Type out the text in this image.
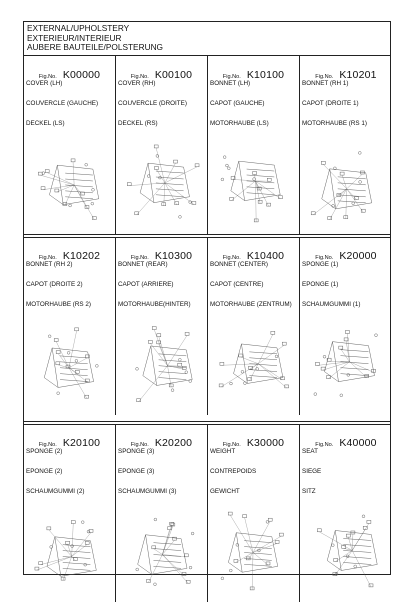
EXTERNAL/UPHOLSTERY
EXTERIEUR/INTERIEUR
AUBERE BAUTEILE/POLSTERUNG
Fig.No. K00000
COVER (LH)
COUVERCLE (GAUCHE)
DECKEL (LS)
Fig.No. K00100
COVER (RH)
COUVERCLE (DROITE)
DECKEL (RS)
Fig.No. K10100
BONNET (LH)
CAPOT (GAUCHE)
MOTORHAUBE (LS)
Fig.No. K10201
BONNET (RH 1)
CAPOT (DROITE 1)
MOTORHAUBE (RS 1)
Fig.No. K10202
BONNET (RH 2)
CAPOT (DROITE 2)
MOTORHAUBE (RS 2)
Fig.No. K10300
BONNET (REAR)
CAPOT (ARRIERE)
MOTORHAUBE(HINTER)
Fig.No. K10400
BONNET (CENTER)
CAPOT (CENTRE)
MOTORHAUBE (ZENTRUM)
Fig.No. K20000
SPONGE (1)
EPONGE (1)
SCHAUMGUMMI (1)
Fig.No. K20100
SPONGE (2)
EPONGE (2)
SCHAUMGUMMI (2)
Fig.No. K20200
SPONGE (3)
EPONGE (3)
SCHAUMGUMMI (3)
Fig.No. K30000
WEIGHT
CONTREPOIDS
GEWICHT
Fig.No. K40000
SEAT
SIEGE
SITZ
